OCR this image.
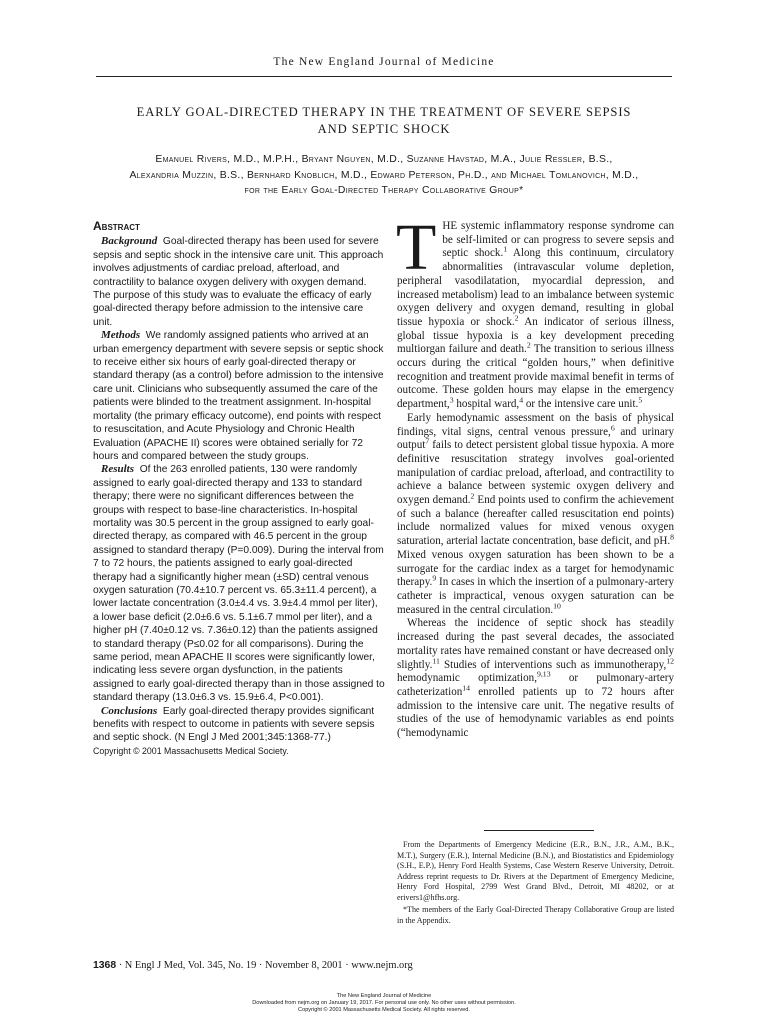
The New England Journal of Medicine
EARLY GOAL-DIRECTED THERAPY IN THE TREATMENT OF SEVERE SEPSIS
AND SEPTIC SHOCK

Emanuel Rivers, M.D., M.P.H., Bryant Nguyen, M.D., Suzanne Havstad, M.A., Julie Ressler, B.S.,
Alexandria Muzzin, B.S., Bernhard Knoblich, M.D., Edward Peterson, Ph.D., and Michael Tomlanovich, M.D.,
for the Early Goal-Directed Therapy Collaborative Group*

Abstract

Background Goal-directed therapy has been used for severe sepsis and septic shock in the intensive care unit. This approach involves adjustments of cardiac preload, afterload, and contractility to balance oxygen delivery with oxygen demand. The purpose of this study was to evaluate the efficacy of early goal-directed therapy before admission to the intensive care unit.

Methods We randomly assigned patients who arrived at an urban emergency department with severe sepsis or septic shock to receive either six hours of early goal-directed therapy or standard therapy (as a control) before admission to the intensive care unit. Clinicians who subsequently assumed the care of the patients were blinded to the treatment assignment. In-hospital mortality (the primary efficacy outcome), end points with respect to resuscitation, and Acute Physiology and Chronic Health Evaluation (APACHE II) scores were obtained serially for 72 hours and compared between the study groups.

Results Of the 263 enrolled patients, 130 were randomly assigned to early goal-directed therapy and 133 to standard therapy; there were no significant differences between the groups with respect to base-line characteristics. In-hospital mortality was 30.5 percent in the group assigned to early goal-directed therapy, as compared with 46.5 percent in the group assigned to standard therapy (P=0.009). During the interval from 7 to 72 hours, the patients assigned to early goal-directed therapy had a significantly higher mean (±SD) central venous oxygen saturation (70.4±10.7 percent vs. 65.3±11.4 percent), a lower lactate concentration (3.0±4.4 vs. 3.9±4.4 mmol per liter), a lower base deficit (2.0±6.6 vs. 5.1±6.7 mmol per liter), and a higher pH (7.40±0.12 vs. 7.36±0.12) than the patients assigned to standard therapy (P≤0.02 for all comparisons). During the same period, mean APACHE II scores were significantly lower, indicating less severe organ dysfunction, in the patients assigned to early goal-directed therapy than in those assigned to standard therapy (13.0±6.3 vs. 15.9±6.4, P<0.001).

Conclusions Early goal-directed therapy provides significant benefits with respect to outcome in patients with severe sepsis and septic shock. (N Engl J Med 2001;345:1368-77.)

Copyright © 2001 Massachusetts Medical Society.

THE systemic inflammatory response syndrome can be self-limited or can progress to severe sepsis and septic shock.$^1$ Along this continuum, circulatory abnormalities (intravascular volume depletion, peripheral vasodilatation, myocardial depression, and increased metabolism) lead to an imbalance between systemic oxygen delivery and oxygen demand, resulting in global tissue hypoxia or shock.$^2$ An indicator of serious illness, global tissue hypoxia is a key development preceding multiorgan failure and death.$^2$ The transition to serious illness occurs during the critical “golden hours,” when definitive recognition and treatment provide maximal benefit in terms of outcome. These golden hours may elapse in the emergency department,$^3$ hospital ward,$^4$ or the intensive care unit.$^5$

Early hemodynamic assessment on the basis of physical findings, vital signs, central venous pressure,$^6$ and urinary output$^7$ fails to detect persistent global tissue hypoxia. A more definitive resuscitation strategy involves goal-oriented manipulation of cardiac preload, afterload, and contractility to achieve a balance between systemic oxygen delivery and oxygen demand.$^2$ End points used to confirm the achievement of such a balance (hereafter called resuscitation end points) include normalized values for mixed venous oxygen saturation, arterial lactate concentration, base deficit, and pH.$^8$ Mixed venous oxygen saturation has been shown to be a surrogate for the cardiac index as a target for hemodynamic therapy.$^9$ In cases in which the insertion of a pulmonary-artery catheter is impractical, venous oxygen saturation can be measured in the central circulation.$^{10}$

Whereas the incidence of septic shock has steadily increased during the past several decades, the associated mortality rates have remained constant or have decreased only slightly.$^{11}$ Studies of interventions such as immunotherapy,$^{12}$ hemodynamic optimization,$^{9,13}$ or pulmonary-artery catheterization$^{14}$ enrolled patients up to 72 hours after admission to the intensive care unit. The negative results of studies of the use of hemodynamic variables as end points (“hemodynamic

From the Departments of Emergency Medicine (E.R., B.N., J.R., A.M., B.K., M.T.), Surgery (E.R.), Internal Medicine (B.N.), and Biostatistics and Epidemiology (S.H., E.P.), Henry Ford Health Systems, Case Western Reserve University, Detroit. Address reprint requests to Dr. Rivers at the Department of Emergency Medicine, Henry Ford Hospital, 2799 West Grand Blvd., Detroit, MI 48202, or at erivers1@hfhs.org.

*The members of the Early Goal-Directed Therapy Collaborative Group are listed in the Appendix.

1368 · N Engl J Med, Vol. 345, No. 19 · November 8, 2001 · www.nejm.org
The New England Journal of Medicine
Downloaded from nejm.org on January 19, 2017. For personal use only. No other uses without permission.
Copyright © 2001 Massachusetts Medical Society. All rights reserved.
